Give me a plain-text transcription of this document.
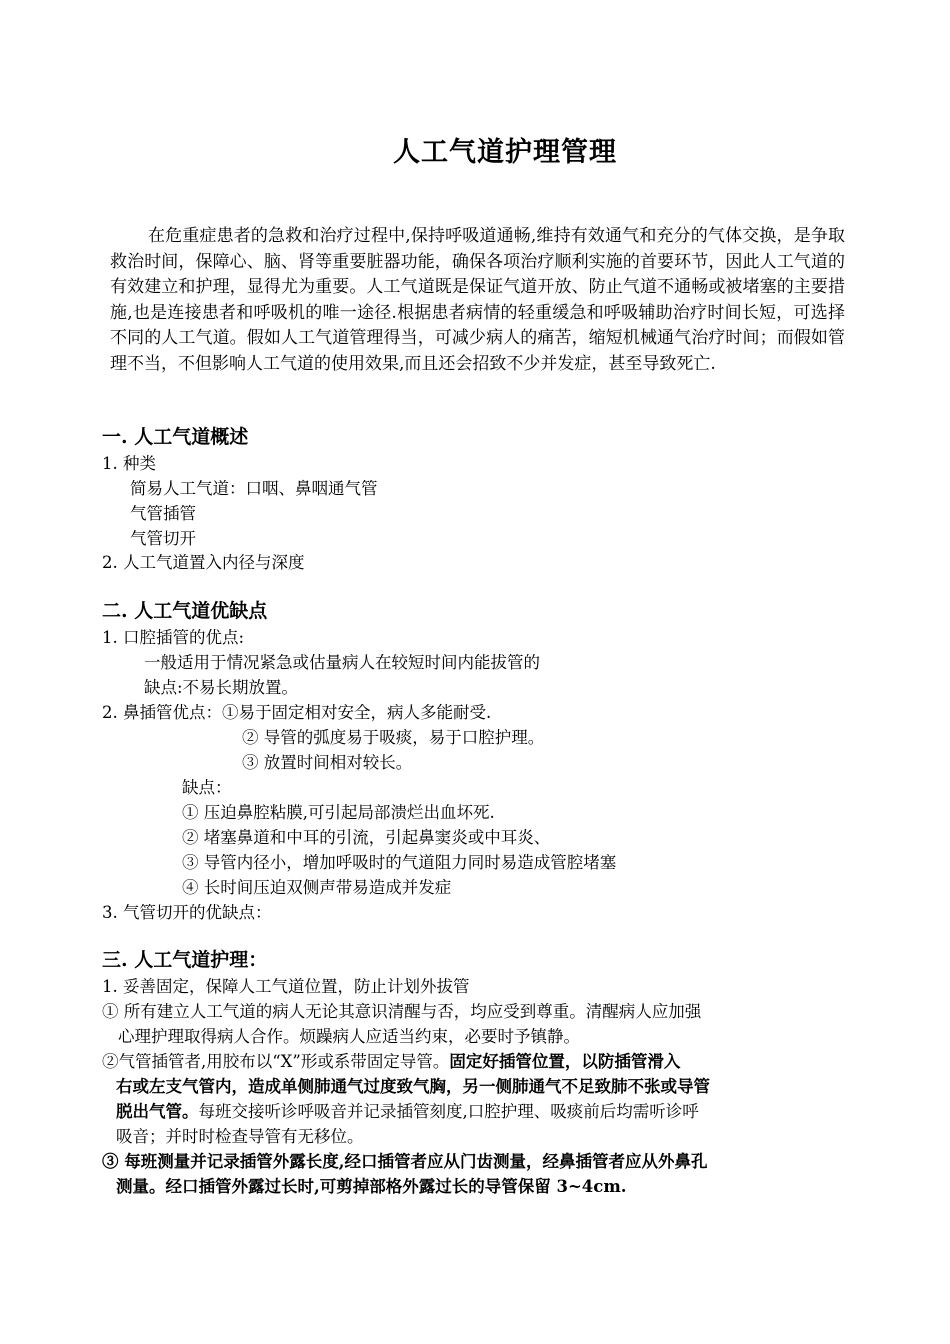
人工气道护理管理

在危重症患者的急救和治疗过程中,保持呼吸道通畅,维持有效通气和充分的气体交换，是争取救治时间，保障心、脑、肾等重要脏器功能，确保各项治疗顺利实施的首要环节，因此人工气道的有效建立和护理，显得尤为重要。人工气道既是保证气道开放、防止气道不通畅或被堵塞的主要措施,也是连接患者和呼吸机的唯一途径.根据患者病情的轻重缓急和呼吸辅助治疗时间长短，可选择不同的人工气道。假如人工气道管理得当，可减少病人的痛苦，缩短机械通气治疗时间；而假如管理不当，不但影响人工气道的使用效果,而且还会招致不少并发症，甚至导致死亡.

一. 人工气道概述
1. 种类
简易人工气道：口咽、鼻咽通气管
气管插管
气管切开
2. 人工气道置入内径与深度
二. 人工气道优缺点
1. 口腔插管的优点:
一般适用于情况紧急或估量病人在较短时间内能拔管的
缺点:不易长期放置。
2. 鼻插管优点：①易于固定相对安全，病人多能耐受.
② 导管的弧度易于吸痰，易于口腔护理。
③ 放置时间相对较长。
缺点：
① 压迫鼻腔粘膜,可引起局部溃烂出血坏死.
② 堵塞鼻道和中耳的引流，引起鼻窦炎或中耳炎、
③ 导管内径小，增加呼吸时的气道阻力同时易造成管腔堵塞
④ 长时间压迫双侧声带易造成并发症
3. 气管切开的优缺点：
三. 人工气道护理：
1. 妥善固定，保障人工气道位置，防止计划外拔管
① 所有建立人工气道的病人无论其意识清醒与否，均应受到尊重。清醒病人应加强
心理护理取得病人合作。烦躁病人应适当约束，必要时予镇静。
②气管插管者,用胶布以“X”形或系带固定导管。固定好插管位置，以防插管滑入
右或左支气管内，造成单侧肺通气过度致气胸，另一侧肺通气不足致肺不张或导管
脱出气管。每班交接听诊呼吸音并记录插管刻度,口腔护理、吸痰前后均需听诊呼
吸音；并时时检查导管有无移位。
③ 每班测量并记录插管外露长度,经口插管者应从门齿测量，经鼻插管者应从外鼻孔
测量。经口插管外露过长时,可剪掉部格外露过长的导管保留 3~4cm.
